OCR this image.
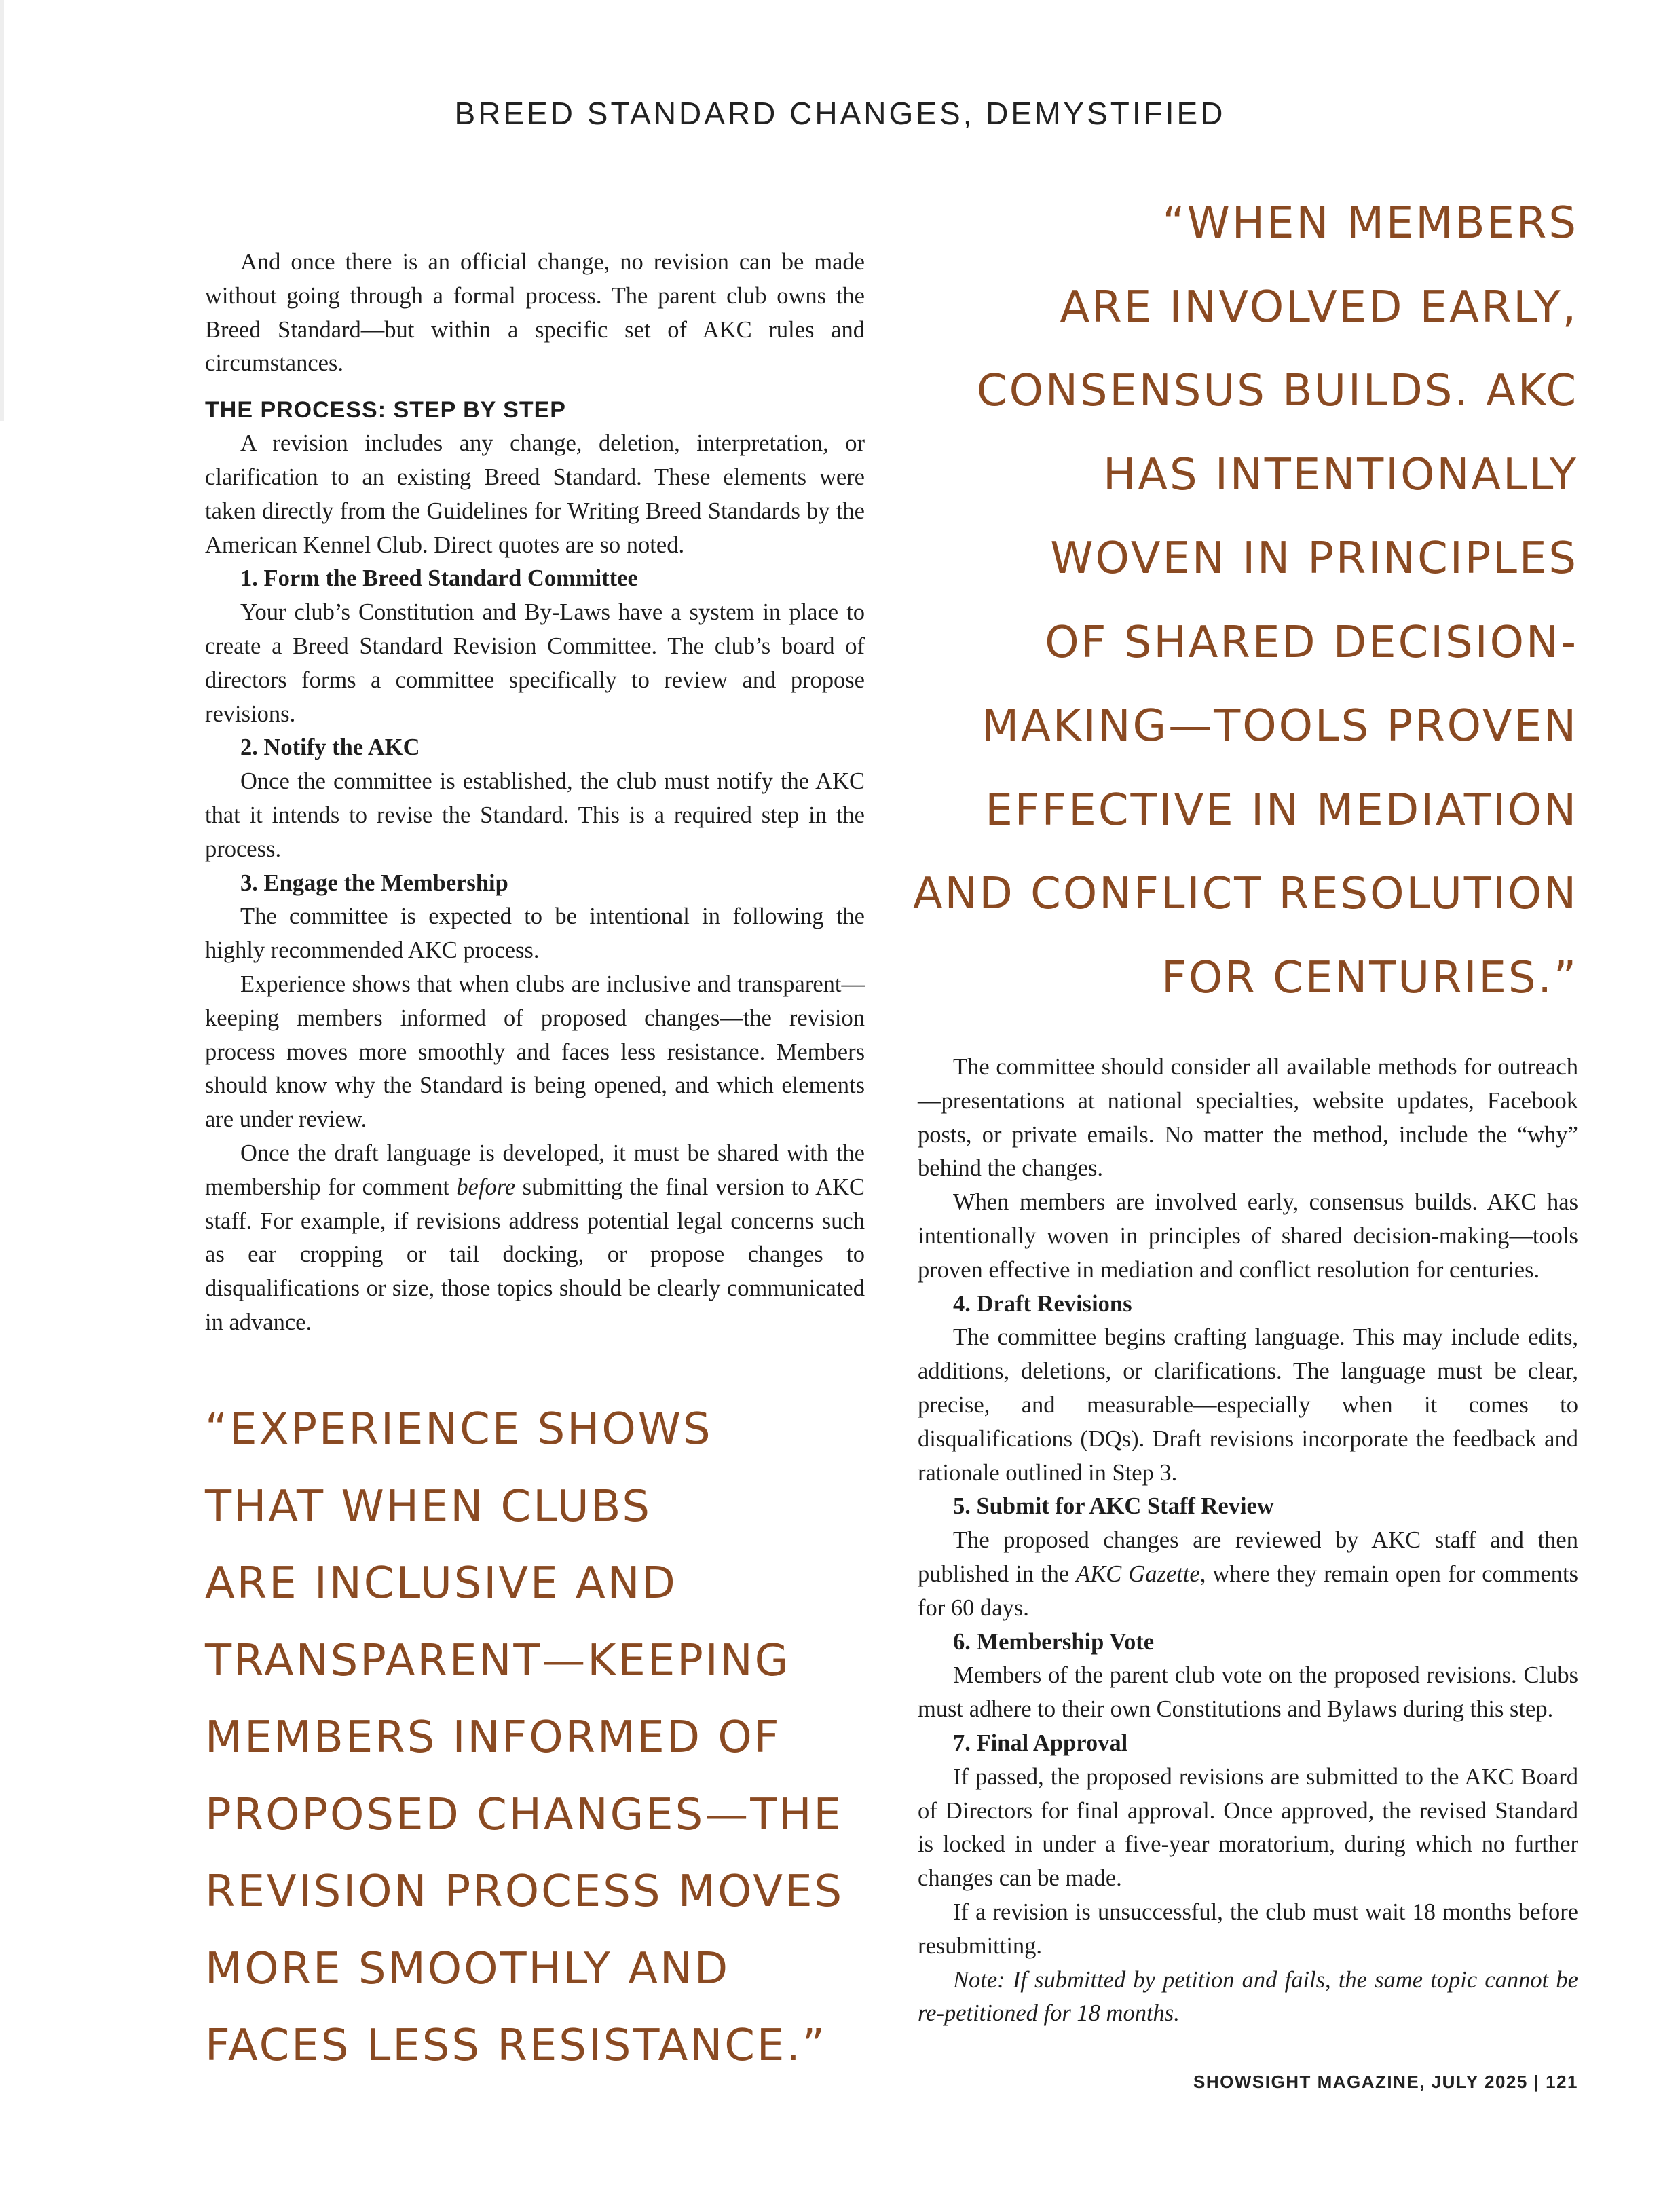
BREED STANDARD CHANGES, DEMYSTIFIED
“WHEN MEMBERS
ARE INVOLVED EARLY,
CONSENSUS BUILDS. AKC
HAS INTENTIONALLY
WOVEN IN PRINCIPLES
OF SHARED DECISION-
MAKING—TOOLS PROVEN
EFFECTIVE IN MEDIATION
AND CONFLICT RESOLUTION
FOR CENTURIES.”

And once there is an official change, no revision can be made without going through a formal process. The parent club owns the Breed Standard—but within a specific set of AKC rules and circumstances.

THE PROCESS: STEP BY STEP

A revision includes any change, deletion, interpretation, or clarification to an existing Breed Standard. These elements were taken directly from the Guidelines for Writing Breed Standards by the American Kennel Club. Direct quotes are so noted.

1. Form the Breed Standard Committee

Your club’s Constitution and By-Laws have a system in place to create a Breed Standard Revision Committee. The club’s board of directors forms a committee specifically to review and propose revisions.

2. Notify the AKC

Once the committee is established, the club must notify the AKC that it intends to revise the Standard. This is a required step in the process.

3. Engage the Membership

The committee is expected to be intentional in following the highly recommended AKC process.

Experience shows that when clubs are inclusive and transparent—keeping members informed of proposed changes—the revision process moves more smoothly and faces less resistance. Members should know why the Standard is being opened, and which elements are under review.

Once the draft language is developed, it must be shared with the membership for comment before submitting the final version to AKC staff. For example, if revisions address potential legal concerns such as ear cropping or tail docking, or propose changes to disqualifications or size, those topics should be clearly communicated in advance.

“EXPERIENCE SHOWS
THAT WHEN CLUBS
ARE INCLUSIVE AND
TRANSPARENT—KEEPING
MEMBERS INFORMED OF
PROPOSED CHANGES—THE
REVISION PROCESS MOVES
MORE SMOOTHLY AND
FACES LESS RESISTANCE.”

The committee should consider all available methods for outreach—presentations at national specialties, website updates, Facebook posts, or private emails. No matter the method, include the “why” behind the changes.

When members are involved early, consensus builds. AKC has intentionally woven in principles of shared decision-making—tools proven effective in mediation and conflict resolution for centuries.

4. Draft Revisions

The committee begins crafting language. This may include edits, additions, deletions, or clarifications. The language must be clear, precise, and measurable—especially when it comes to disqualifications (DQs). Draft revisions incorporate the feedback and rationale outlined in Step 3.

5. Submit for AKC Staff Review

The proposed changes are reviewed by AKC staff and then published in the AKC Gazette, where they remain open for comments for 60 days.

6. Membership Vote

Members of the parent club vote on the proposed revisions. Clubs must adhere to their own Constitutions and Bylaws during this step.

7. Final Approval

If passed, the proposed revisions are submitted to the AKC Board of Directors for final approval. Once approved, the revised Standard is locked in under a five-year moratorium, during which no further changes can be made.

If a revision is unsuccessful, the club must wait 18 months before resubmitting.

Note: If submitted by petition and fails, the same topic cannot be re-petitioned for 18 months.

SHOWSIGHT MAGAZINE, JULY 2025 | 121
